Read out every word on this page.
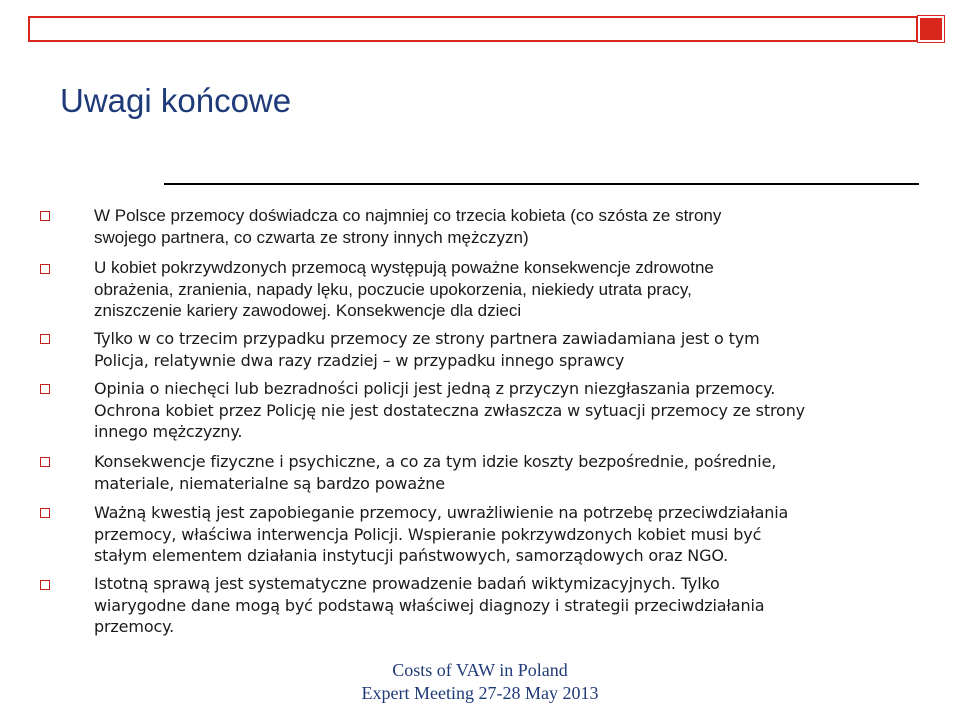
Uwagi końcowe
W Polsce przemocy doświadcza co najmniej co trzecia kobieta (co szósta ze strony
swojego partnera, co czwarta ze strony innych mężczyzn)
U kobiet pokrzywdzonych przemocą występują poważne konsekwencje zdrowotne
obrażenia, zranienia, napady lęku, poczucie upokorzenia, niekiedy utrata pracy,
zniszczenie kariery zawodowej. Konsekwencje dla dzieci
Tylko w co trzecim przypadku przemocy ze strony partnera zawiadamiana jest o tym
Policja, relatywnie dwa razy rzadziej – w przypadku innego sprawcy
Opinia o niechęci lub bezradności policji jest jedną z przyczyn niezgłaszania przemocy.
Ochrona kobiet przez Policję nie jest dostateczna zwłaszcza w sytuacji przemocy ze strony
innego mężczyzny.
Konsekwencje fizyczne i psychiczne, a co za tym idzie koszty bezpośrednie, pośrednie,
materiale, niematerialne są bardzo poważne
Ważną kwestią jest zapobieganie przemocy, uwrażliwienie na potrzebę przeciwdziałania
przemocy, właściwa interwencja Policji. Wspieranie pokrzywdzonych kobiet musi być
stałym elementem działania instytucji państwowych, samorządowych oraz NGO.
Istotną sprawą jest systematyczne prowadzenie badań wiktymizacyjnych. Tylko
wiarygodne dane mogą być podstawą właściwej diagnozy i strategii przeciwdziałania
przemocy.
Costs of VAW in Poland
Expert Meeting 27-28 May 2013
